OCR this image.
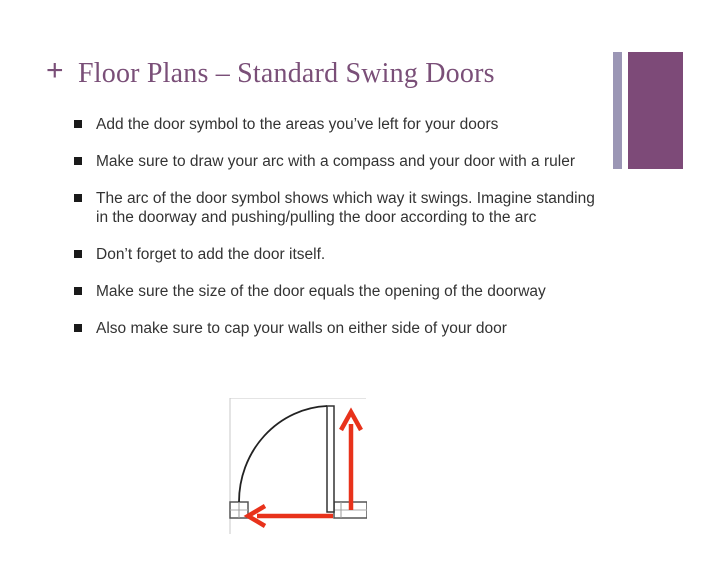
+ Floor Plans – Standard Swing Doors
Add the door symbol to the areas you’ve left for your doors
Make sure to draw your arc with a compass and your door with a ruler
The arc of the door symbol shows which way it swings. Imagine standing in the doorway and pushing/pulling the door according to the arc
Don’t forget to add the door itself.
Make sure the size of the door equals the opening of the doorway
Also make sure to cap your walls on either side of your door
